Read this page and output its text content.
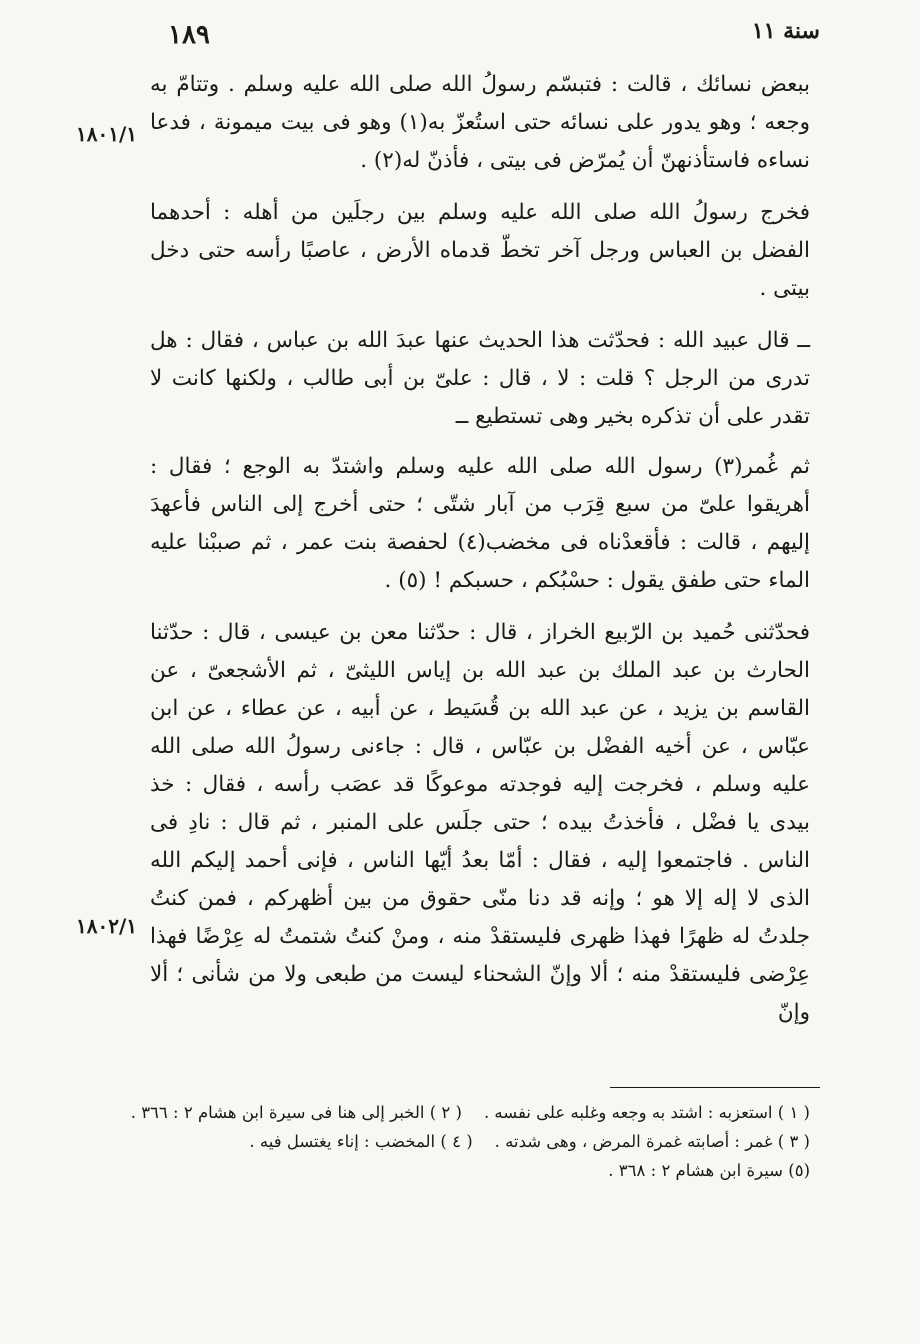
١٨٩	سنة ١١
١٨٠١/١
١٨٠٢/١

ببعض نسائك ، قالت : فتبسّم رسولُ الله صلى الله عليه وسلم . وتتامّ به وجعه ؛ وهو يدور على نسائه حتى استُعزّ به(١) وهو فى بيت ميمونة ، فدعا نساءه فاستأذنهنّ أن يُمرّض فى بيتى ، فأذنّ له(٢) .

فخرج رسولُ الله صلى الله عليه وسلم بين رجلَين من أهله : أحدهما الفضل بن العباس ورجل آخر تخطّ قدماه الأرض ، عاصبًا رأسه حتى دخل بيتى .

ــ قال عبيد الله : فحدّثت هذا الحديث عنها عبدَ الله بن عباس ، فقال : هل تدرى من الرجل ؟ قلت : لا ، قال : علىّ بن أبى طالب ، ولكنها كانت لا تقدر على أن تذكره بخير وهى تستطيع ــ

ثم غُمر(٣) رسول الله صلى الله عليه وسلم واشتدّ به الوجع ؛ فقال : أهريقوا علىّ من سبع قِرَب من آبار شتّى ؛ حتى أخرج إلى الناس فأعهدَ إليهم ، قالت : فأقعدْناه فى مخضب(٤) لحفصة بنت عمر ، ثم صببْنا عليه الماء حتى طفق يقول : حسْبُكم ، حسبكم ! (٥) .

فحدّثنى حُميد بن الرّبيع الخراز ، قال : حدّثنا معن بن عيسى ، قال : حدّثنا الحارث بن عبد الملك بن عبد الله بن إياس الليثىّ ، ثم الأشجعىّ ، عن القاسم بن يزيد ، عن عبد الله بن قُسَيط ، عن أبيه ، عن عطاء ، عن ابن عبّاس ، عن أخيه الفضْل بن عبّاس ، قال : جاءنى رسولُ الله صلى الله عليه وسلم ، فخرجت إليه فوجدته موعوكًا قد عصَب رأسه ، فقال : خذ بيدى يا فضْل ، فأخذتُ بيده ؛ حتى جلَس على المنبر ، ثم قال : نادِ فى الناس . فاجتمعوا إليه ، فقال : أمّا بعدُ أيّها الناس ، فإنى أحمد إليكم الله الذى لا إله إلا هو ؛ وإنه قد دنا منّى حقوق من بين أظهركم ، فمن كنتُ جلدتُ له ظهرًا فهذا ظهرى فليستقدْ منه ، ومنْ كنتُ شتمتُ له عِرْضًا فهذا عِرْضى فليستقدْ منه ؛ ألا وإنّ الشحناء ليست من طبعى ولا من شأنى ؛ ألا وإنّ

( ١ ) استعزبه : اشتد به وجعه وغلبه على نفسه .
( ٢ ) الخبر إلى هنا فى سيرة ابن هشام ٢ : ٣٦٦ .
( ٣ ) غمر : أصابته غمرة المرض ، وهى شدته .
( ٤ ) المخضب : إناء يغتسل فيه .
(٥) سيرة ابن هشام ٢ : ٣٦٨ .
